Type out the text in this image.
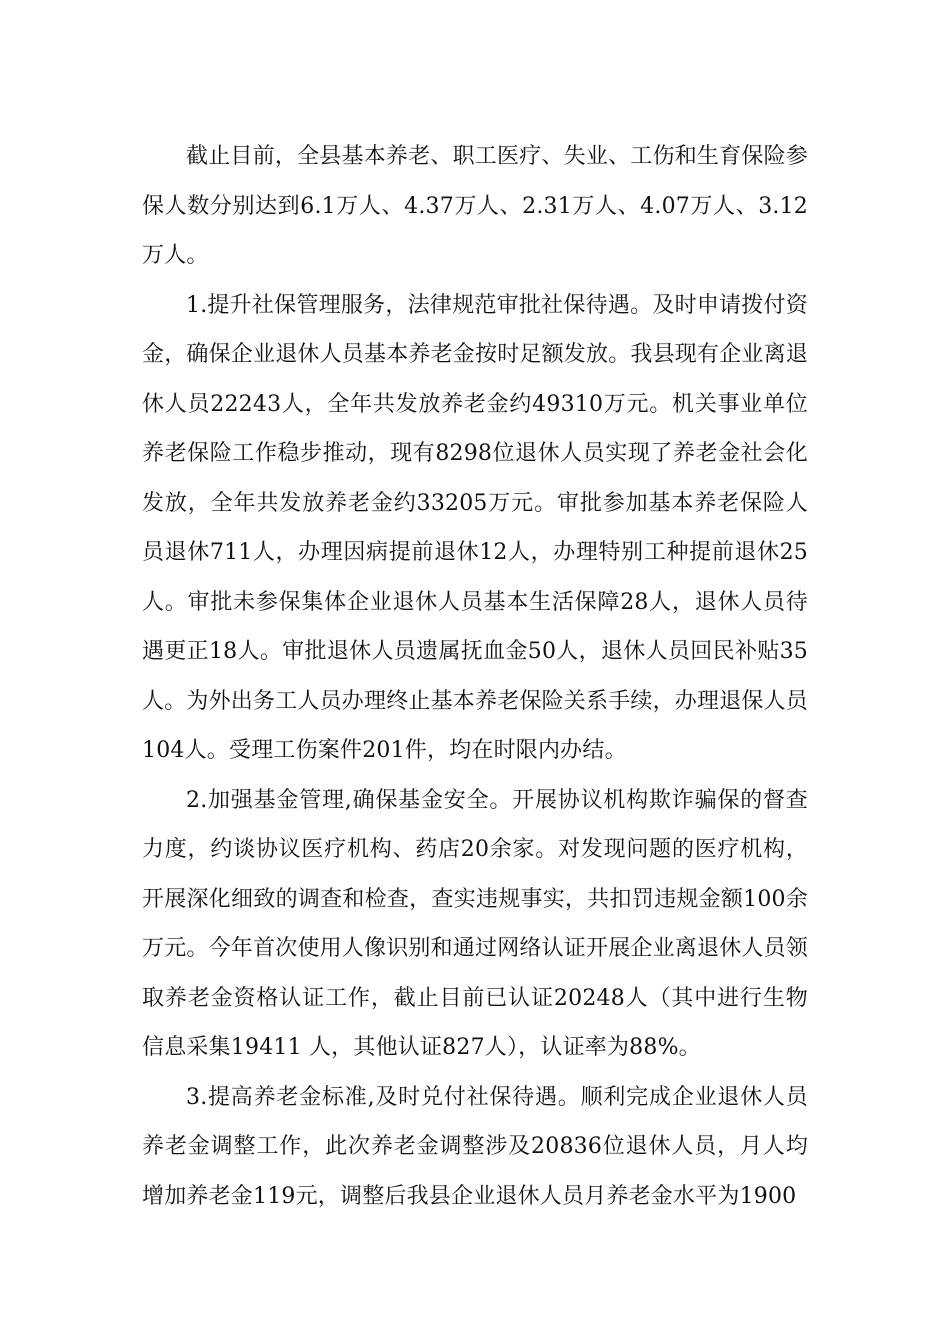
截止目前，全县基本养老、职工医疗、失业、工伤和生育保险参保人数分别达到6.1万人、4.37万人、2.31万人、4.07万人、3.12万人。

1.提升社保管理服务，法律规范审批社保待遇。及时申请拨付资金，确保企业退休人员基本养老金按时足额发放。我县现有企业离退休人员22243人，全年共发放养老金约49310万元。机关事业单位养老保险工作稳步推动，现有8298位退休人员实现了养老金社会化发放，全年共发放养老金约33205万元。审批参加基本养老保险人员退休711人，办理因病提前退休12人，办理特别工种提前退休25人。审批未参保集体企业退休人员基本生活保障28人，退休人员待遇更正18人。审批退休人员遗属抚血金50人，退休人员回民补贴35人。为外出务工人员办理终止基本养老保险关系手续，办理退保人员104人。受理工伤案件201件，均在时限内办结。

2.加强基金管理,确保基金安全。开展协议机构欺诈骗保的督查力度，约谈协议医疗机构、药店20余家。对发现问题的医疗机构，开展深化细致的调查和检查，查实违规事实，共扣罚违规金额100余万元。今年首次使用人像识别和通过网络认证开展企业离退休人员领取养老金资格认证工作，截止目前已认证20248人（其中进行生物信息采集19411 人，其他认证827人），认证率为88%。

3.提高养老金标准,及时兑付社保待遇。顺利完成企业退休人员养老金调整工作，此次养老金调整涉及20836位退休人员，月人均增加养老金119元，调整后我县企业退休人员月养老金水平为1900
